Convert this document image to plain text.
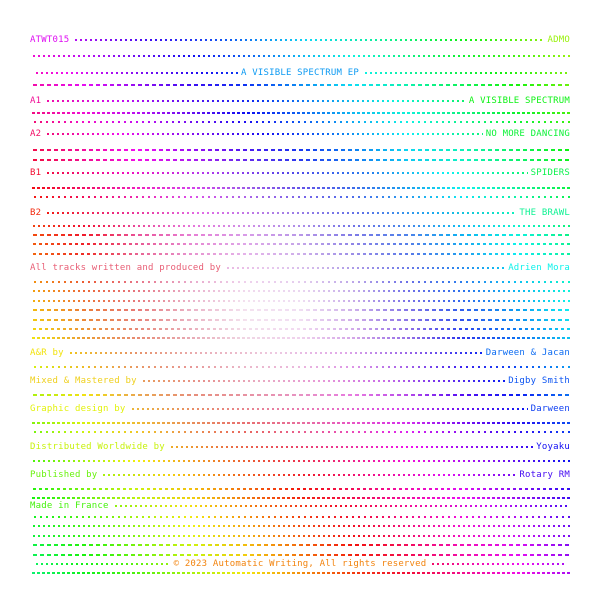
ATWT015	ADMO
A VISIBLE SPECTRUM EP
A1	A VISIBLE SPECTRUM
A2	NO MORE DANCING
B1	SPIDERS
B2	THE BRAWL
All tracks written and produced by	Adrien Mora
A&R by	Darween & Jacan
Mixed & Mastered by	Digby Smith
Graphic design by	Darween
Distributed Worldwide by	Yoyaku
Published by	Rotary RM
Made in France
© 2023 Automatic Writing, All rights reserved
